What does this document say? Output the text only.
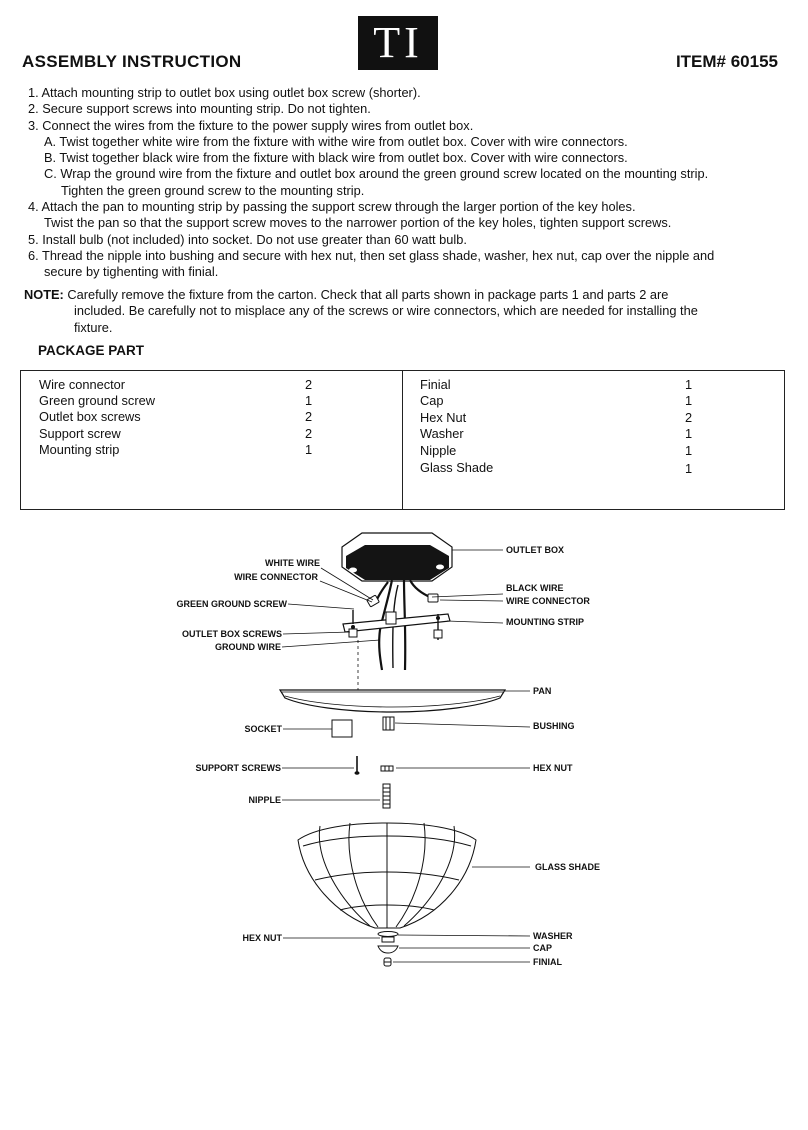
TI
ASSEMBLY INSTRUCTION	ITEM# 60155
1. Attach mounting strip to outlet box using outlet box screw (shorter).
2. Secure support screws into mounting strip. Do not tighten.
3. Connect the wires from the fixture to the power supply wires from outlet box.
A. Twist together white wire from the fixture with withe wire from outlet box. Cover with wire connectors.
B. Twist together black wire from the fixture with black wire from outlet box. Cover with wire connectors.
C. Wrap the ground wire from the fixture and outlet box around the green ground screw located on the mounting strip.
Tighten the green ground screw to the mounting strip.
4. Attach the pan to mounting strip by passing the support screw through the larger portion of the key holes.
Twist the pan so that the support screw moves to the narrower portion of the key holes, tighten support screws.
5. Install bulb (not included) into socket. Do not use greater than 60 watt bulb.
6. Thread the nipple into bushing and secure with hex nut, then set glass shade, washer, hex nut, cap over the nipple and
secure by tighenting with finial.
NOTE: Carefully remove the fixture from the carton. Check that all parts shown in package parts 1 and parts 2 are
included. Be carefully not to misplace any of the screws or wire connectors, which are needed for installing the
fixture.
PACKAGE PART
Wire connector	2
Green ground screw	1
Outlet box screws	2
Support screw	2
Mounting strip	1
Finial	1
Cap	1
Hex Nut	2
Washer	1
Nipple	1
Glass Shade	1
WHITE WIRE
WIRE CONNECTOR
GREEN GROUND SCREW
OUTLET BOX SCREWS
GROUND WIRE
OUTLET BOX
BLACK WIRE
WIRE CONNECTOR
MOUNTING STRIP
PAN
SOCKET	BUSHING
SUPPORT SCREWS	HEX NUT
NIPPLE
GLASS SHADE
HEX NUT	WASHER
CAP
FINIAL
